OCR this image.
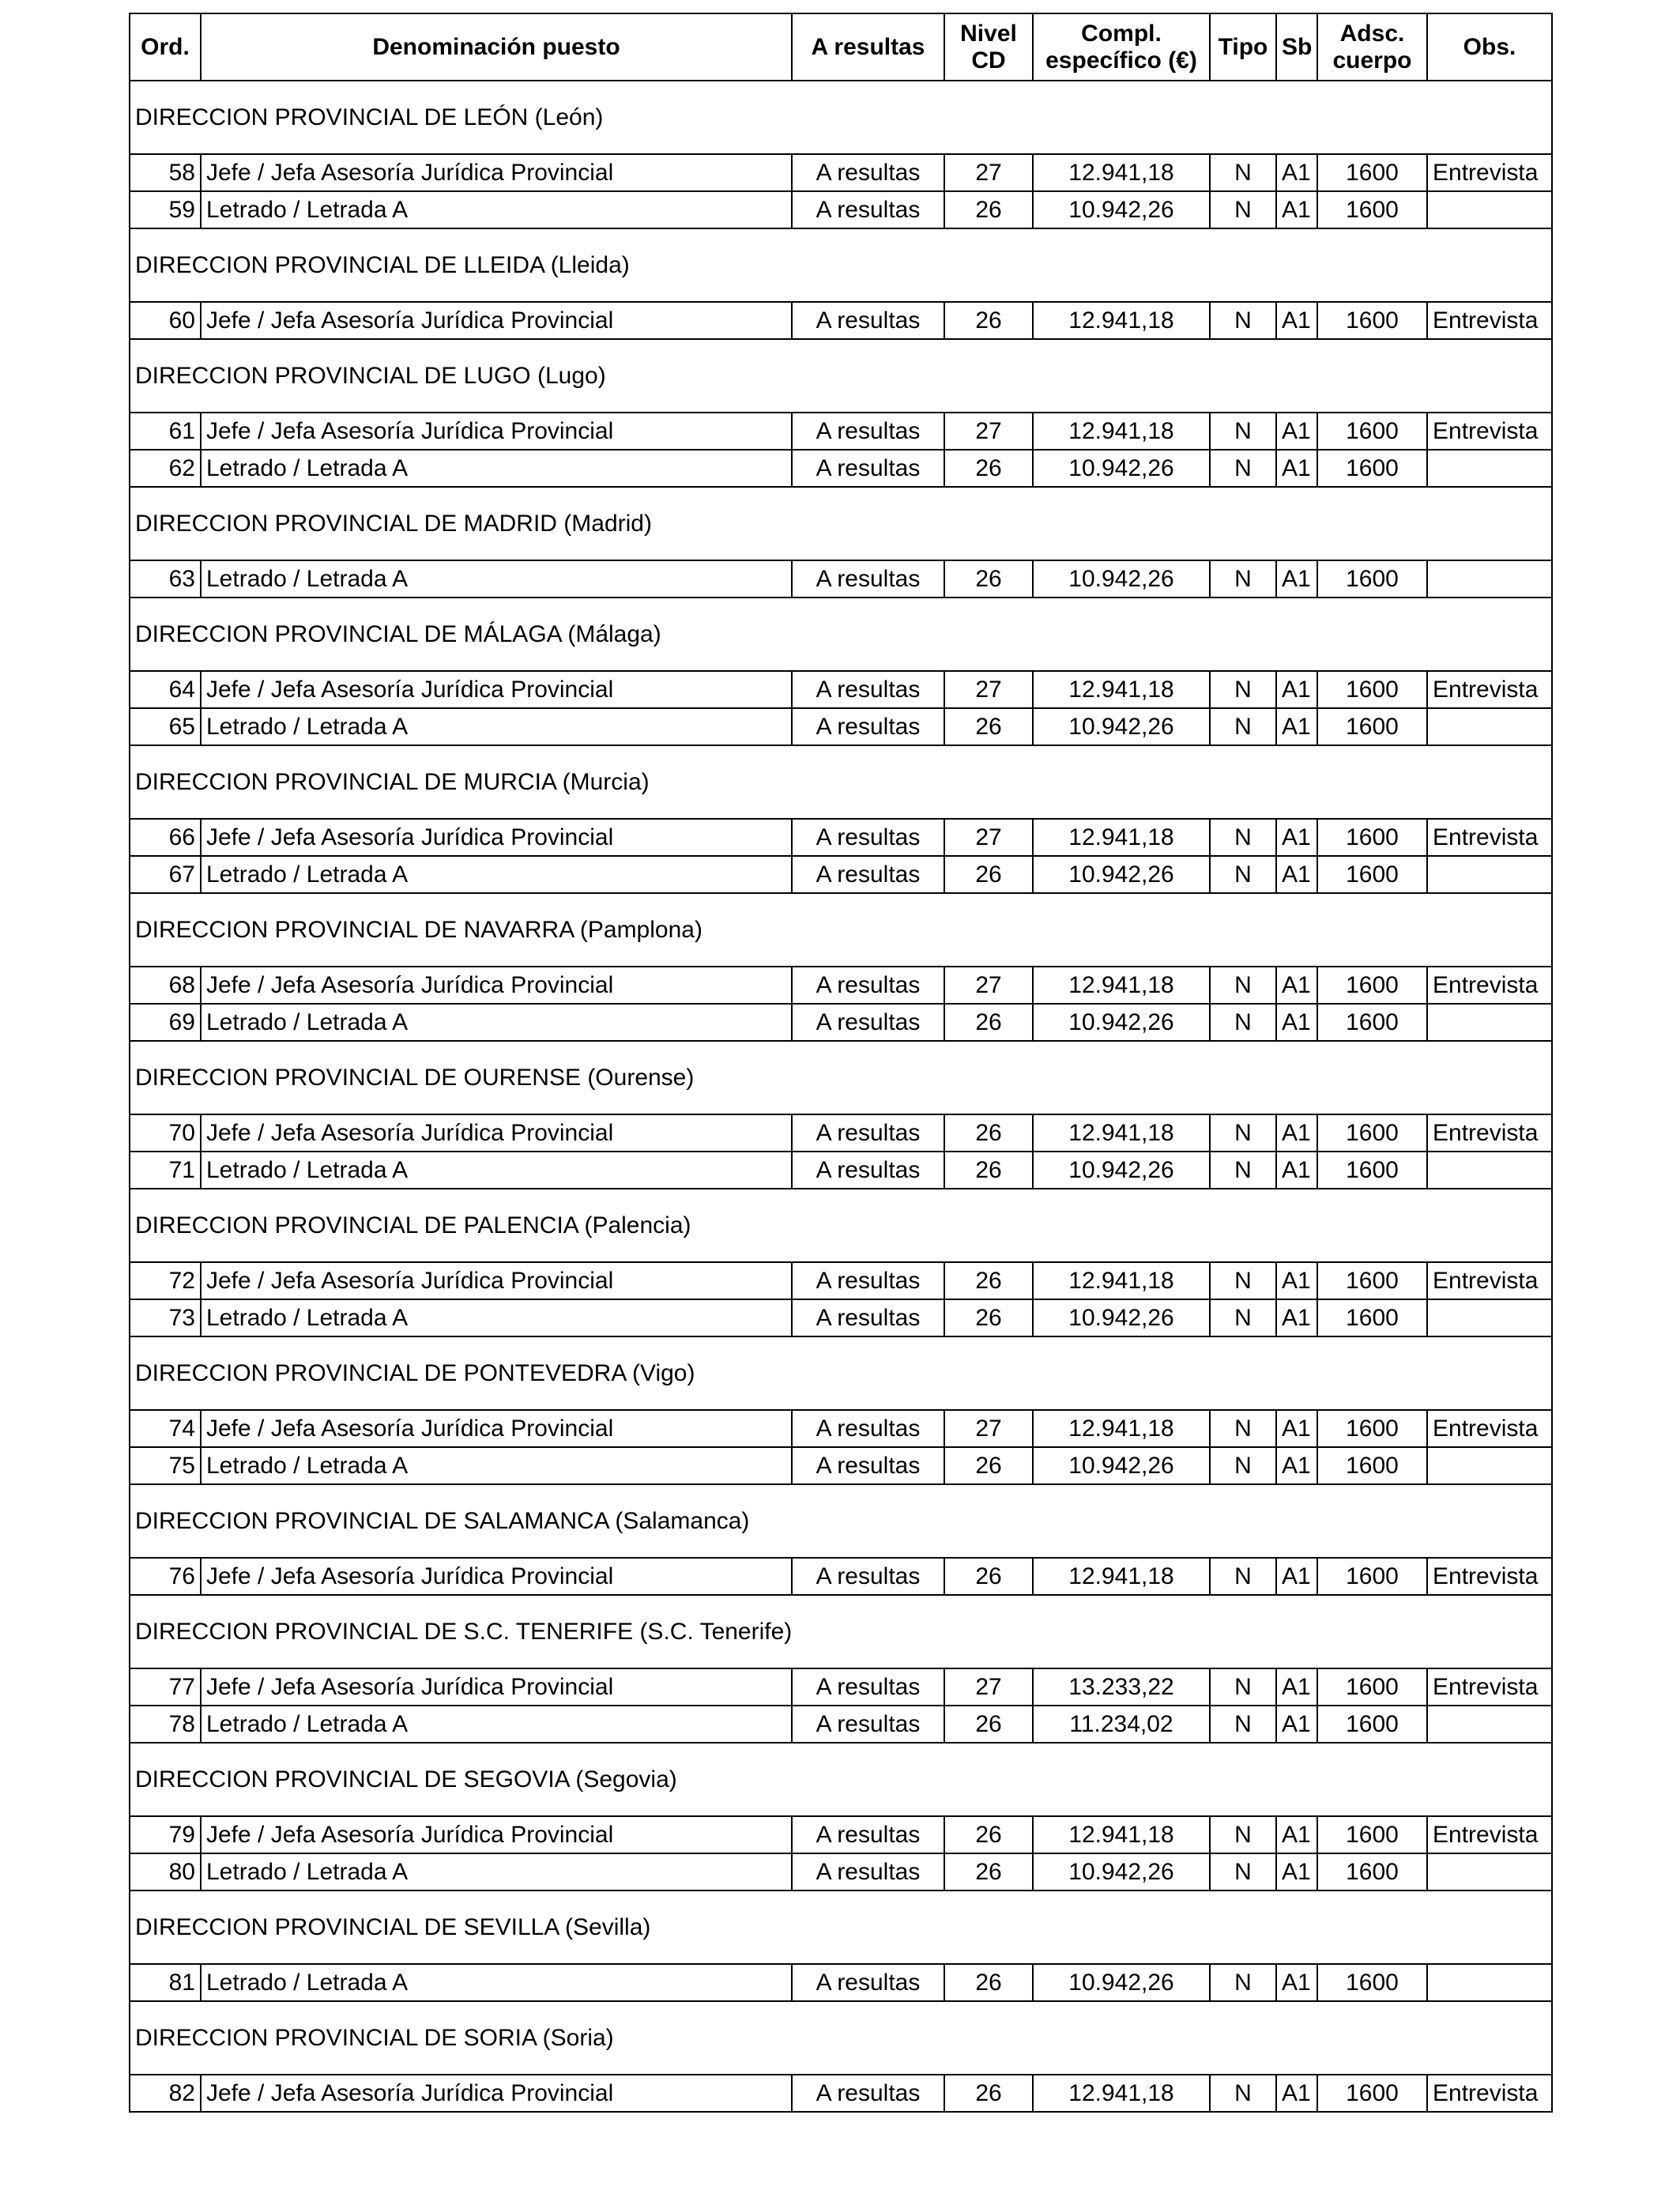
Ord.	Denominación puesto	A resultas	Nivel CD	Compl. específico (€)	Tipo	Sb	Adsc. cuerpo	Obs.
DIRECCION PROVINCIAL DE LEÓN (León)								
58	Jefe / Jefa Asesoría Jurídica Provincial	A resultas	27	12.941,18	N	A1	1600	Entrevista
59	Letrado / Letrada A	A resultas	26	10.942,26	N	A1	1600	
DIRECCION PROVINCIAL DE LLEIDA (Lleida)								
60	Jefe / Jefa Asesoría Jurídica Provincial	A resultas	26	12.941,18	N	A1	1600	Entrevista
DIRECCION PROVINCIAL DE LUGO (Lugo)								
61	Jefe / Jefa Asesoría Jurídica Provincial	A resultas	27	12.941,18	N	A1	1600	Entrevista
62	Letrado / Letrada A	A resultas	26	10.942,26	N	A1	1600	
DIRECCION PROVINCIAL DE MADRID (Madrid)								
63	Letrado / Letrada A	A resultas	26	10.942,26	N	A1	1600	
DIRECCION PROVINCIAL DE MÁLAGA (Málaga)								
64	Jefe / Jefa Asesoría Jurídica Provincial	A resultas	27	12.941,18	N	A1	1600	Entrevista
65	Letrado / Letrada A	A resultas	26	10.942,26	N	A1	1600	
DIRECCION PROVINCIAL DE MURCIA (Murcia)								
66	Jefe / Jefa Asesoría Jurídica Provincial	A resultas	27	12.941,18	N	A1	1600	Entrevista
67	Letrado / Letrada A	A resultas	26	10.942,26	N	A1	1600	
DIRECCION PROVINCIAL DE NAVARRA (Pamplona)								
68	Jefe / Jefa Asesoría Jurídica Provincial	A resultas	27	12.941,18	N	A1	1600	Entrevista
69	Letrado / Letrada A	A resultas	26	10.942,26	N	A1	1600	
DIRECCION PROVINCIAL DE OURENSE (Ourense)								
70	Jefe / Jefa Asesoría Jurídica Provincial	A resultas	26	12.941,18	N	A1	1600	Entrevista
71	Letrado / Letrada A	A resultas	26	10.942,26	N	A1	1600	
DIRECCION PROVINCIAL DE PALENCIA (Palencia)								
72	Jefe / Jefa Asesoría Jurídica Provincial	A resultas	26	12.941,18	N	A1	1600	Entrevista
73	Letrado / Letrada A	A resultas	26	10.942,26	N	A1	1600	
DIRECCION PROVINCIAL DE PONTEVEDRA (Vigo)								
74	Jefe / Jefa Asesoría Jurídica Provincial	A resultas	27	12.941,18	N	A1	1600	Entrevista
75	Letrado / Letrada A	A resultas	26	10.942,26	N	A1	1600	
DIRECCION PROVINCIAL DE SALAMANCA (Salamanca)								
76	Jefe / Jefa Asesoría Jurídica Provincial	A resultas	26	12.941,18	N	A1	1600	Entrevista
DIRECCION PROVINCIAL DE S.C. TENERIFE (S.C. Tenerife)								
77	Jefe / Jefa Asesoría Jurídica Provincial	A resultas	27	13.233,22	N	A1	1600	Entrevista
78	Letrado / Letrada A	A resultas	26	11.234,02	N	A1	1600	
DIRECCION PROVINCIAL DE SEGOVIA (Segovia)								
79	Jefe / Jefa Asesoría Jurídica Provincial	A resultas	26	12.941,18	N	A1	1600	Entrevista
80	Letrado / Letrada A	A resultas	26	10.942,26	N	A1	1600	
DIRECCION PROVINCIAL DE SEVILLA (Sevilla)								
81	Letrado / Letrada A	A resultas	26	10.942,26	N	A1	1600	
DIRECCION PROVINCIAL DE SORIA (Soria)								
82	Jefe / Jefa Asesoría Jurídica Provincial	A resultas	26	12.941,18	N	A1	1600	Entrevista
